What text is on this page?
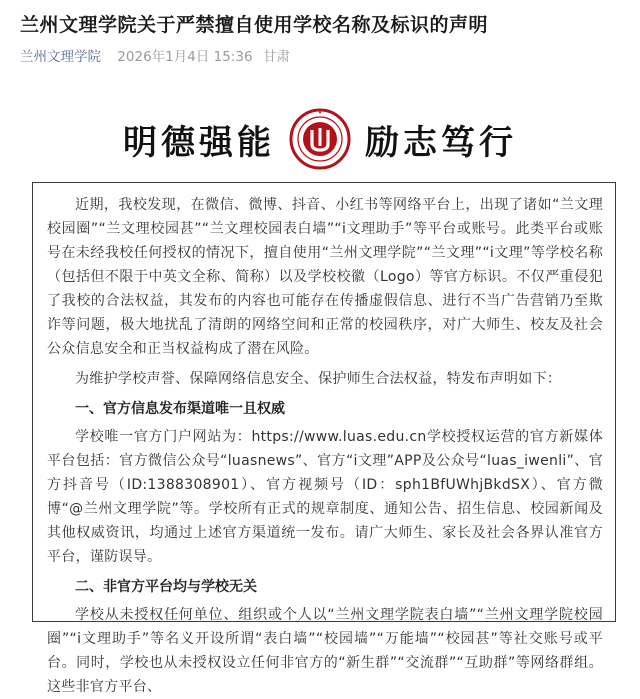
兰州文理学院关于严禁擅自使用学校名称及标识的声明
兰州文理学院 2026年1月4日 15:36 甘肃
明德强能	励志笃行

近期，我校发现，在微信、微博、抖音、小红书等网络平台上，出现了诸如“兰文理校园圈”“兰文理校园甚”“兰文理校园表白墙”“i文理助手”等平台或账号。此类平台或账号在未经我校任何授权的情况下，擅自使用“兰州文理学院”“兰文理”“i文理”等学校名称（包括但不限于中英文全称、简称）以及学校校徽（Logo）等官方标识。不仅严重侵犯了我校的合法权益，其发布的内容也可能存在传播虚假信息、进行不当广告营销乃至欺诈等问题，极大地扰乱了清朗的网络空间和正常的校园秩序，对广大师生、校友及社会公众信息安全和正当权益构成了潜在风险。

为维护学校声誉、保障网络信息安全、保护师生合法权益，特发布声明如下：

一、官方信息发布渠道唯一且权威

学校唯一官方门户网站为：https://www.luas.edu.cn学校授权运营的官方新媒体平台包括：官方微信公众号“luasnews”、官方“i文理”APP及公众号“luas_iwenli”、官方抖音号（ID:1388308901）、官方视频号（ID：sph1BfUWhjBkdSX）、官方微博“@兰州文理学院”等。学校所有正式的规章制度、通知公告、招生信息、校园新闻及其他权威资讯，均通过上述官方渠道统一发布。请广大师生、家长及社会各界认准官方平台，谨防误导。

二、非官方平台均与学校无关

学校从未授权任何单位、组织或个人以“兰州文理学院表白墙”“兰州文理学院校园圈”“i文理助手”等名义开设所谓“表白墙”“校园墙”“万能墙”“校园甚”等社交账号或平台。同时，学校也从未授权设立任何非官方的“新生群”“交流群”“互助群”等网络群组。这些非官方平台、
